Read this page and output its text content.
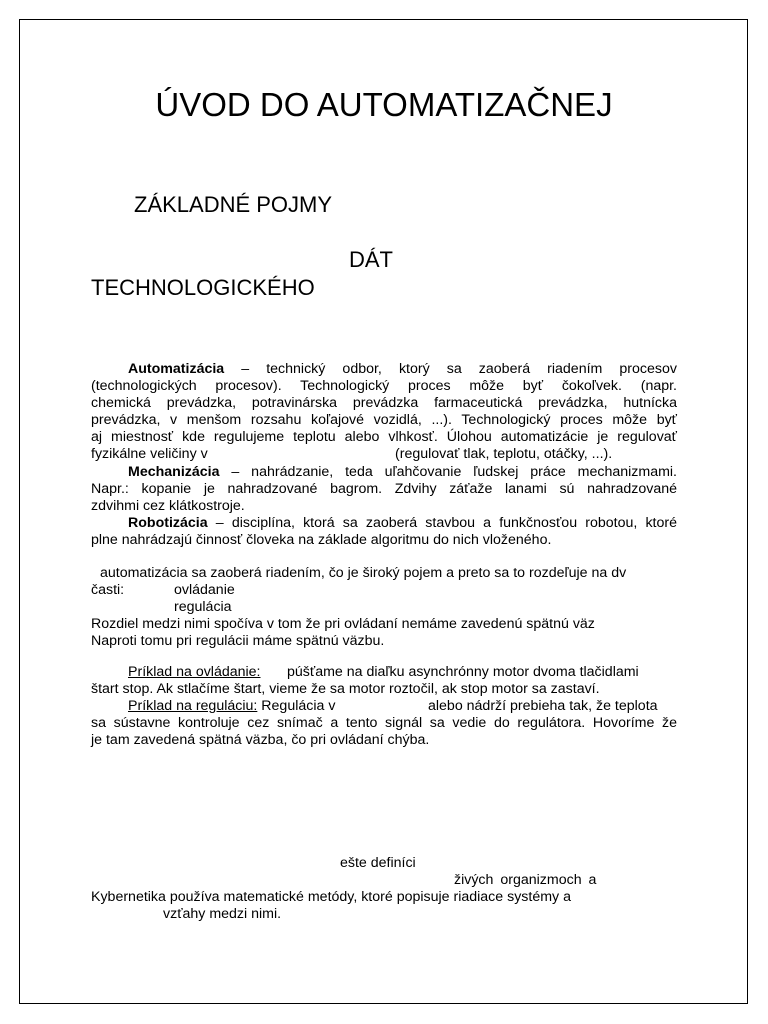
ÚVOD DO AUTOMATIZAČNEJ
ZÁKLADNÉ POJMY
DÁT
TECHNOLOGICKÉHO
Automatizácia – technický odbor, ktorý sa zaoberá riadením procesov
(technologických procesov). Technologický proces môže byť čokoľvek. (napr.
chemická prevádzka, potravinárska prevádzka farmaceutická prevádzka, hutnícka
prevádzka, v menšom rozsahu koľajové vozidlá, ...). Technologický proces môže byť
aj miestnosť kde regulujeme teplotu alebo vlhkosť. Úlohou automatizácie je regulovať
fyzikálne veličiny v	(regulovať tlak, teplotu, otáčky, ...).
Mechanizácia – nahrádzanie, teda uľahčovanie ľudskej práce mechanizmami.
Napr.: kopanie je nahradzované bagrom. Zdvihy záťaže lanami sú nahradzované
zdvihmi cez klátkostroje.
Robotizácia – disciplína, ktorá sa zaoberá stavbou a funkčnosťou robotou, ktoré
plne nahrádzajú činnosť človeka na základe algoritmu do nich vloženého.
automatizácia sa zaoberá riadením, čo je široký pojem a preto sa to rozdeľuje na dv
časti:	ovládanie
regulácia
Rozdiel medzi nimi spočíva v tom že pri ovládaní nemáme zavedenú spätnú väz
Naproti tomu pri regulácii máme spätnú väzbu.
Príklad na ovládanie: púšťame na diaľku asynchrónny motor dvoma tlačidlami
štart stop. Ak stlačíme štart, vieme že sa motor roztočil, ak stop motor sa zastaví.
Príklad na reguláciu: Regulácia v	alebo nádrží prebieha tak, že teplota
sa sústavne kontroluje cez snímač a tento signál sa vedie do regulátora. Hovoríme že
je tam zavedená spätná väzba, čo pri ovládaní chýba.
ešte definíci
živých organizmoch a
Kybernetika používa matematické metódy, ktoré popisuje riadiace systémy a
vzťahy medzi nimi.
